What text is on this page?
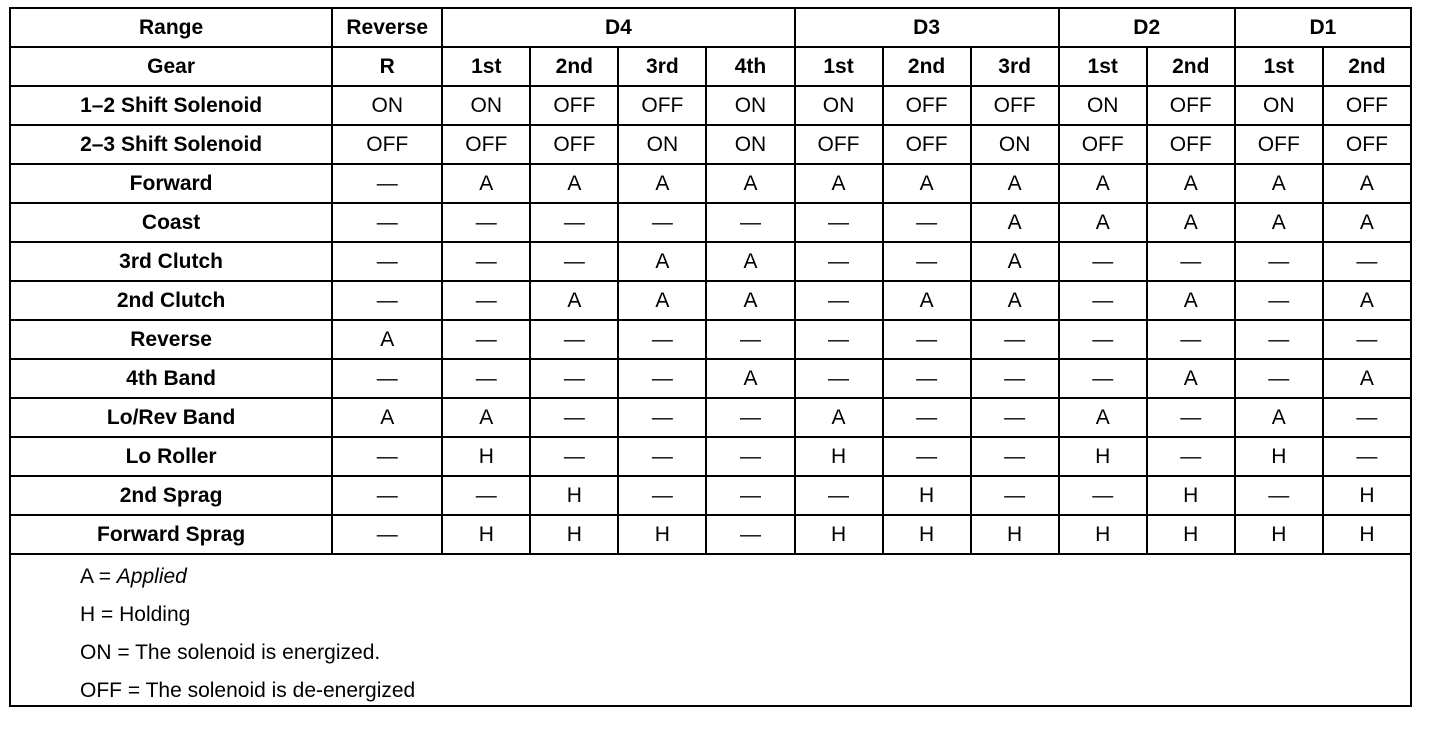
Range	Reverse	D4				D3			D2		D1	
Gear	R	1st	2nd	3rd	4th	1st	2nd	3rd	1st	2nd	1st	2nd
1–2 Shift Solenoid	ON	ON	OFF	OFF	ON	ON	OFF	OFF	ON	OFF	ON	OFF
2–3 Shift Solenoid	OFF	OFF	OFF	ON	ON	OFF	OFF	ON	OFF	OFF	OFF	OFF
Forward	—	A	A	A	A	A	A	A	A	A	A	A
Coast	—	—	—	—	—	—	—	A	A	A	A	A
3rd Clutch	—	—	—	A	A	—	—	A	—	—	—	—
2nd Clutch	—	—	A	A	A	—	A	A	—	A	—	A
Reverse	A	—	—	—	—	—	—	—	—	—	—	—
4th Band	—	—	—	—	A	—	—	—	—	A	—	A
Lo/Rev Band	A	A	—	—	—	A	—	—	A	—	A	—
Lo Roller	—	H	—	—	—	H	—	—	H	—	H	—
2nd Sprag	—	—	H	—	—	—	H	—	—	H	—	H
Forward Sprag	—	H	H	H	—	H	H	H	H	H	H	H
A = Applied
H = Holding
ON = The solenoid is energized.
OFF = The solenoid is de-energized
